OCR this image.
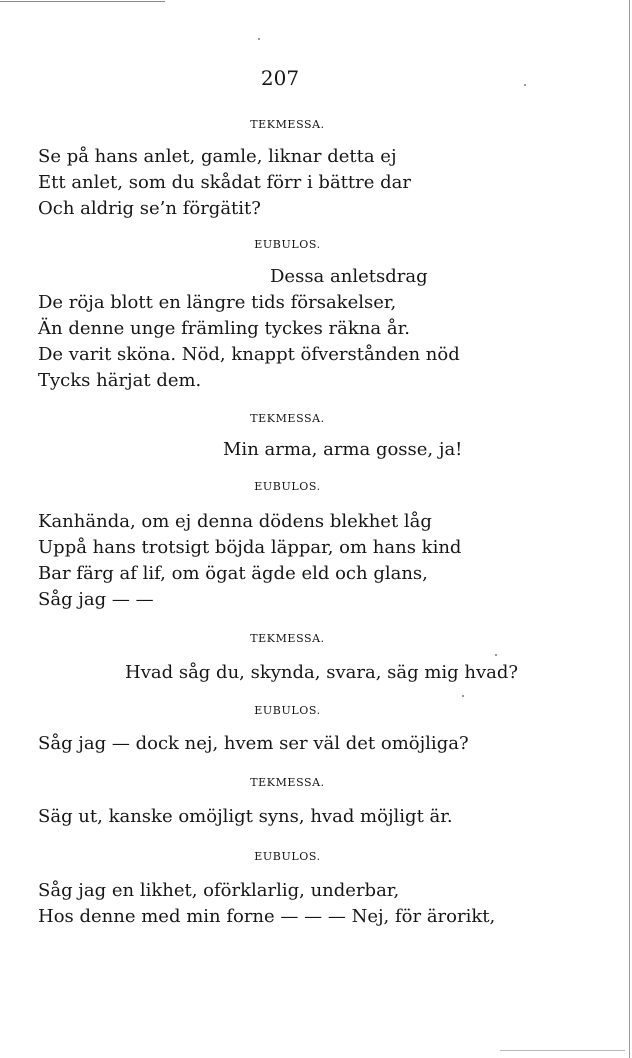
207
TEKMESSA.
Se på hans anlet, gamle, liknar detta ej
Ett anlet, som du skådat förr i bättre dar
Och aldrig se’n förgätit?
EUBULOS.
Dessa anletsdrag
De röja blott en längre tids försakelser,
Än denne unge främling tyckes räkna år.
De varit sköna. Nöd, knappt öfverstånden nöd
Tycks härjat dem.
TEKMESSA.
Min arma, arma gosse, ja!
EUBULOS.
Kanhända, om ej denna dödens blekhet låg
Uppå hans trotsigt böjda läppar, om hans kind
Bar färg af lif, om ögat ägde eld och glans,
Såg jag — —
TEKMESSA.
Hvad såg du, skynda, svara, säg mig hvad?
EUBULOS.
Såg jag — dock nej, hvem ser väl det omöjliga?
TEKMESSA.
Säg ut, kanske omöjligt syns, hvad möjligt är.
EUBULOS.
Såg jag en likhet, oförklarlig, underbar,
Hos denne med min forne — — — Nej, för ärorikt,
